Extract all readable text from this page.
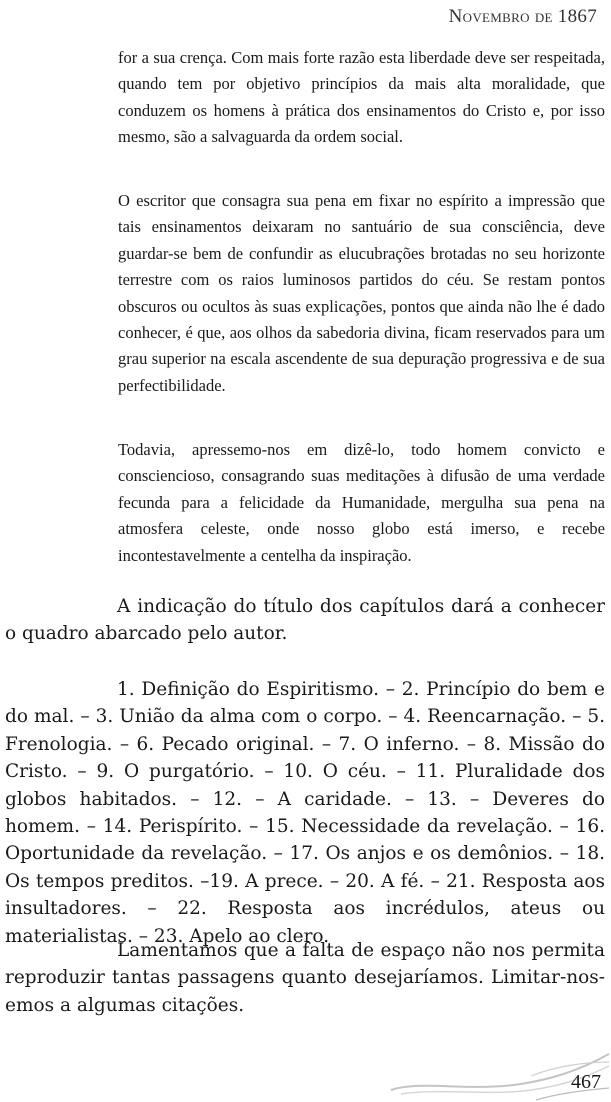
Novembro de 1867

for a sua crença. Com mais forte razão esta liberdade deve ser respeitada, quando tem por objetivo princípios da mais alta moralidade, que conduzem os homens à prática dos ensinamentos do Cristo e, por isso mesmo, são a salvaguarda da ordem social.

O escritor que consagra sua pena em fixar no espírito a impressão que tais ensinamentos deixaram no santuário de sua consciência, deve guardar-se bem de confundir as elucubrações brotadas no seu horizonte terrestre com os raios luminosos partidos do céu. Se restam pontos obscuros ou ocultos às suas explicações, pontos que ainda não lhe é dado conhecer, é que, aos olhos da sabedoria divina, ficam reservados para um grau superior na escala ascendente de sua depuração progressiva e de sua perfectibilidade.

Todavia, apressemo-nos em dizê-lo, todo homem convicto e consciencioso, consagrando suas meditações à difusão de uma verdade fecunda para a felicidade da Humanidade, mergulha sua pena na atmosfera celeste, onde nosso globo está imerso, e recebe incontestavelmente a centelha da inspiração.

A indicação do título dos capítulos dará a conhecer o quadro abarcado pelo autor.

1. Definição do Espiritismo. – 2. Princípio do bem e do mal. – 3. União da alma com o corpo. – 4. Reencarnação. – 5. Frenologia. – 6. Pecado original. – 7. O inferno. – 8. Missão do Cristo. – 9. O purgatório. – 10. O céu. – 11. Pluralidade dos globos habitados. – 12. – A caridade. – 13. – Deveres do homem. – 14. Perispírito. – 15. Necessidade da revelação. – 16. Oportunidade da revelação. – 17. Os anjos e os demônios. – 18. Os tempos preditos. –19. A prece. – 20. A fé. – 21. Resposta aos insultadores. – 22. Resposta aos incrédulos, ateus ou materialistas. – 23. Apelo ao clero.

Lamentamos que a falta de espaço não nos permita reproduzir tantas passagens quanto desejaríamos. Limitar-nos-emos a algumas citações.

467
